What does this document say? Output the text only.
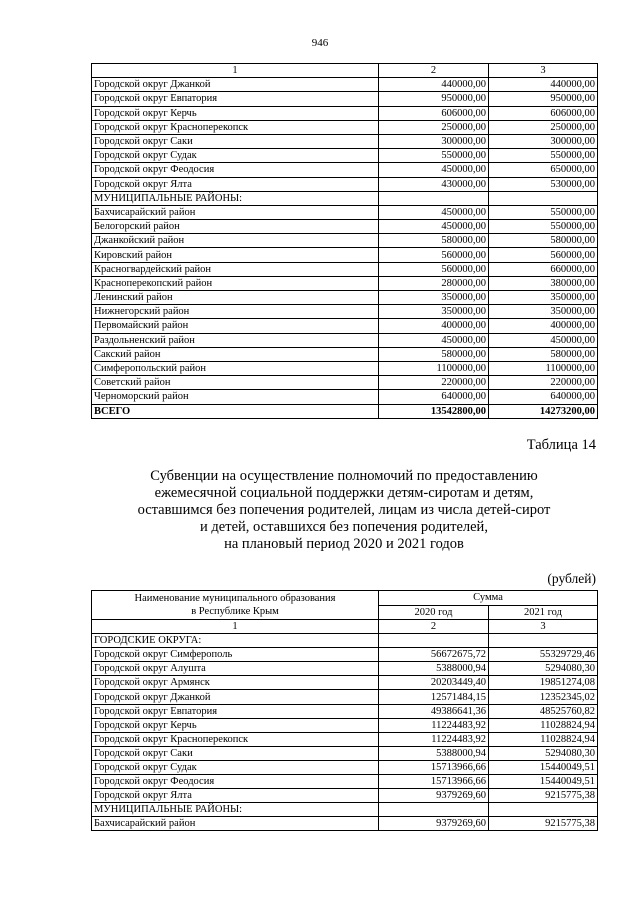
946
1	2	3
Городской округ Джанкой	440000,00	440000,00
Городской округ Евпатория	950000,00	950000,00
Городской округ Керчь	606000,00	606000,00
Городской округ Красноперекопск	250000,00	250000,00
Городской округ Саки	300000,00	300000,00
Городской округ Судак	550000,00	550000,00
Городской округ Феодосия	450000,00	650000,00
Городской округ Ялта	430000,00	530000,00
МУНИЦИПАЛЬНЫЕ РАЙОНЫ:		
Бахчисарайский район	450000,00	550000,00
Белогорский район	450000,00	550000,00
Джанкойский район	580000,00	580000,00
Кировский район	560000,00	560000,00
Красногвардейский район	560000,00	660000,00
Красноперекопский район	280000,00	380000,00
Ленинский район	350000,00	350000,00
Нижнегорский район	350000,00	350000,00
Первомайский район	400000,00	400000,00
Раздольненский район	450000,00	450000,00
Сакский район	580000,00	580000,00
Симферопольский район	1100000,00	1100000,00
Советский район	220000,00	220000,00
Черноморский район	640000,00	640000,00
ВСЕГО	13542800,00	14273200,00
Таблица 14
Субвенции на осуществление полномочий по предоставлению
ежемесячной социальной поддержки детям-сиротам и детям,
оставшимся без попечения родителей, лицам из числа детей-сирот
и детей, оставшихся без попечения родителей,
на плановый период 2020 и 2021 годов
(рублей)
Наименование муниципального образования
в Республике Крым	Сумма	
	2020 год	2021 год
1	2	3
ГОРОДСКИЕ ОКРУГА:		
Городской округ Симферополь	56672675,72	55329729,46
Городской округ Алушта	5388000,94	5294080,30
Городской округ Армянск	20203449,40	19851274,08
Городской округ Джанкой	12571484,15	12352345,02
Городской округ Евпатория	49386641,36	48525760,82
Городской округ Керчь	11224483,92	11028824,94
Городской округ Красноперекопск	11224483,92	11028824,94
Городской округ Саки	5388000,94	5294080,30
Городской округ Судак	15713966,66	15440049,51
Городской округ Феодосия	15713966,66	15440049,51
Городской округ Ялта	9379269,60	9215775,38
МУНИЦИПАЛЬНЫЕ РАЙОНЫ:		
Бахчисарайский район	9379269,60	9215775,38
